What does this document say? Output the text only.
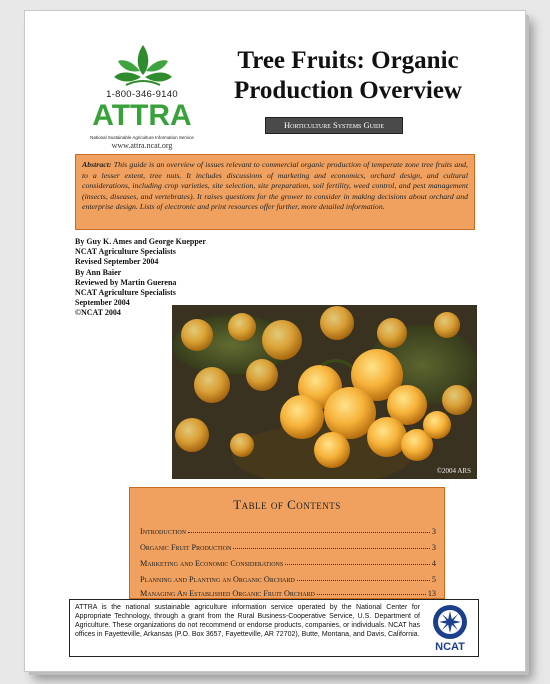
1-800-346-9140
ATTRA
National Sustainable Agriculture Information Service
www.attra.ncat.org
Tree Fruits: Organic
Production Overview
Horticulture Systems Guide
Abstract: This guide is an overview of issues relevant to commercial organic production of temperate zone tree fruits and, to a lesser extent, tree nuts. It includes discussions of marketing and economics, orchard design, and cultural considerations, including crop varieties, site selection, site preparation, soil fertility, weed control, and pest management (insects, diseases, and vertebrates). It raises questions for the grower to consider in making decisions about orchard and enterprise design. Lists of electronic and print resources offer further, more detailed information.
By Guy K. Ames and George Kuepper
NCAT Agriculture Specialists
Revised September 2004
By Ann Baier
Reviewed by Martin Guerena
NCAT Agriculture Specialists
September 2004
©NCAT 2004
©2004 ARS
Table of Contents
Introduction	3
Organic Fruit Production	3
Marketing and Economic Considerations	4
Planning and Planting an Organic Orchard	5
Managing An Established Organic Fruit Orchard	13
ATTRA is the national sustainable agriculture information service operated by the National Center for Appropriate Technology, through a grant from the Rural Business-Cooperative Service, U.S. Department of Agriculture. These organizations do not recommend or endorse products, companies, or individuals. NCAT has offices in Fayetteville, Arkansas (P.O. Box 3657, Fayetteville, AR 72702), Butte, Montana, and Davis, California.
NCAT
